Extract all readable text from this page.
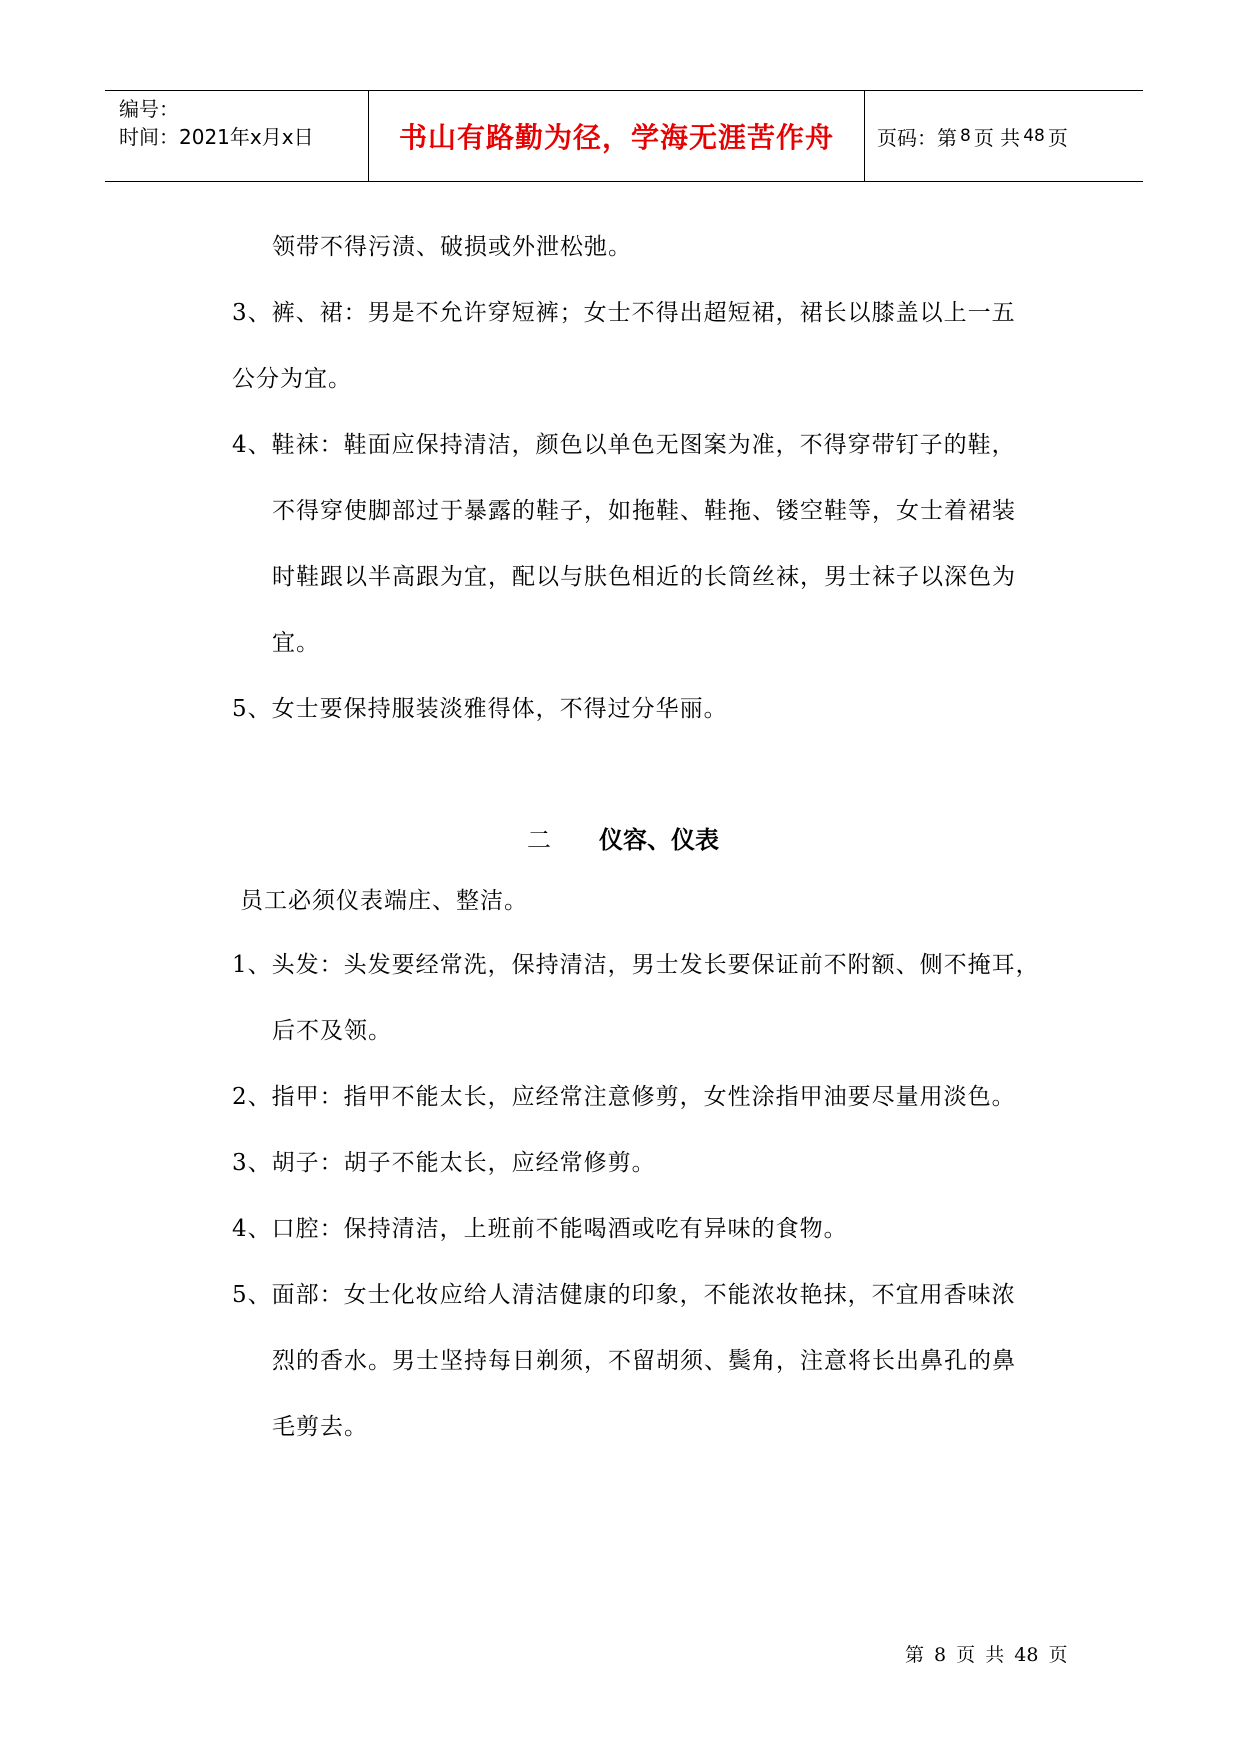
编号：
时间：2021年x月x日	书山有路勤为径，学海无涯苦作舟 页码：第 8 页 共 48 页
领带不得污渍、破损或外泄松弛。
3、裤、裙：男是不允许穿短裤；女士不得出超短裙，裙长以膝盖以上一五
公分为宜。
4、鞋袜：鞋面应保持清洁，颜色以单色无图案为准，不得穿带钉子的鞋，
不得穿使脚部过于暴露的鞋子，如拖鞋、鞋拖、镂空鞋等，女士着裙装
时鞋跟以半高跟为宜，配以与肤色相近的长筒丝袜，男士袜子以深色为
宜。
5、女士要保持服装淡雅得体，不得过分华丽。
二 仪容、仪表
员工必须仪表端庄、整洁。
1、头发：头发要经常洗，保持清洁，男士发长要保证前不附额、侧不掩耳，
后不及领。
2、指甲：指甲不能太长，应经常注意修剪，女性涂指甲油要尽量用淡色。
3、胡子：胡子不能太长，应经常修剪。
4、口腔：保持清洁，上班前不能喝酒或吃有异味的食物。
5、面部：女士化妆应给人清洁健康的印象，不能浓妆艳抹，不宜用香味浓
烈的香水。男士坚持每日剃须，不留胡须、鬓角，注意将长出鼻孔的鼻
毛剪去。
第 8 页 共 48 页
